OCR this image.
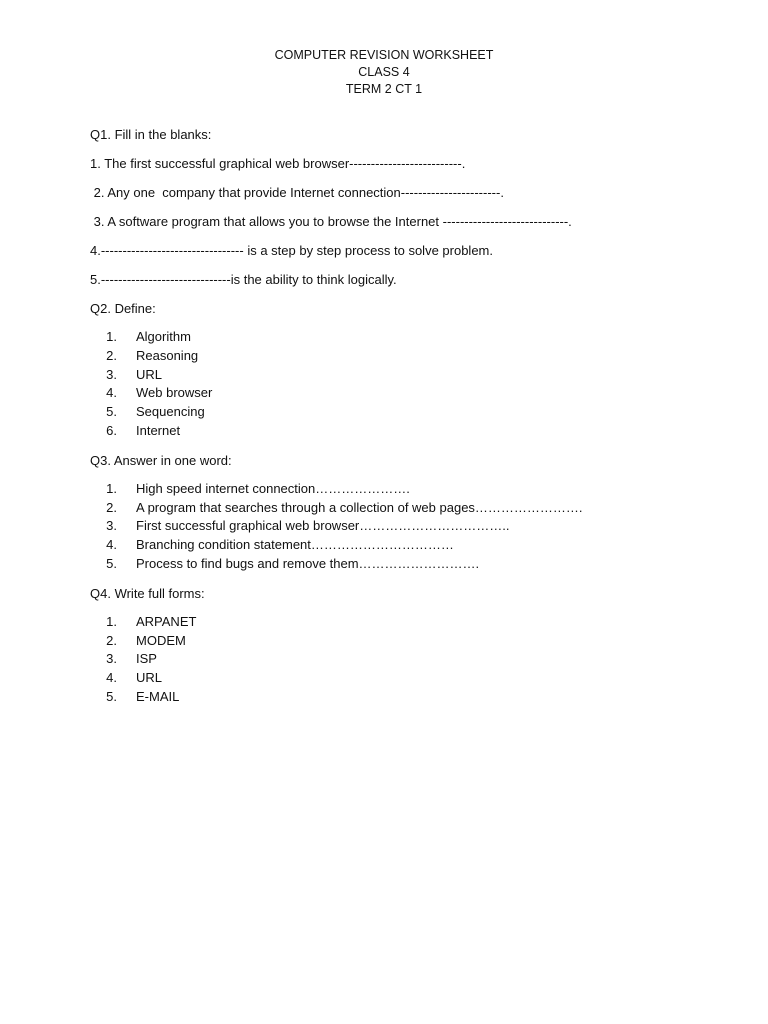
COMPUTER REVISION WORKSHEET
CLASS 4
TERM 2 CT 1

Q1. Fill in the blanks:

1. The first successful graphical web browser--------------------------.

2. Any one  company that provide Internet connection-----------------------.

3. A software program that allows you to browse the Internet -----------------------------.

4.--------------------------------- is a step by step process to solve problem.

5.------------------------------is the ability to think logically.

Q2. Define:

1. Algorithm
2. Reasoning
3. URL
4. Web browser
5. Sequencing
6. Internet

Q3. Answer in one word:

1. High speed internet connection………………….
2. A program that searches through a collection of web pages…………………….
3. First successful graphical web browser……………………………..
4. Branching condition statement……………………………
5. Process to find bugs and remove them……………………….

Q4. Write full forms:

1. ARPANET
2. MODEM
3. ISP
4. URL
5. E-MAIL
